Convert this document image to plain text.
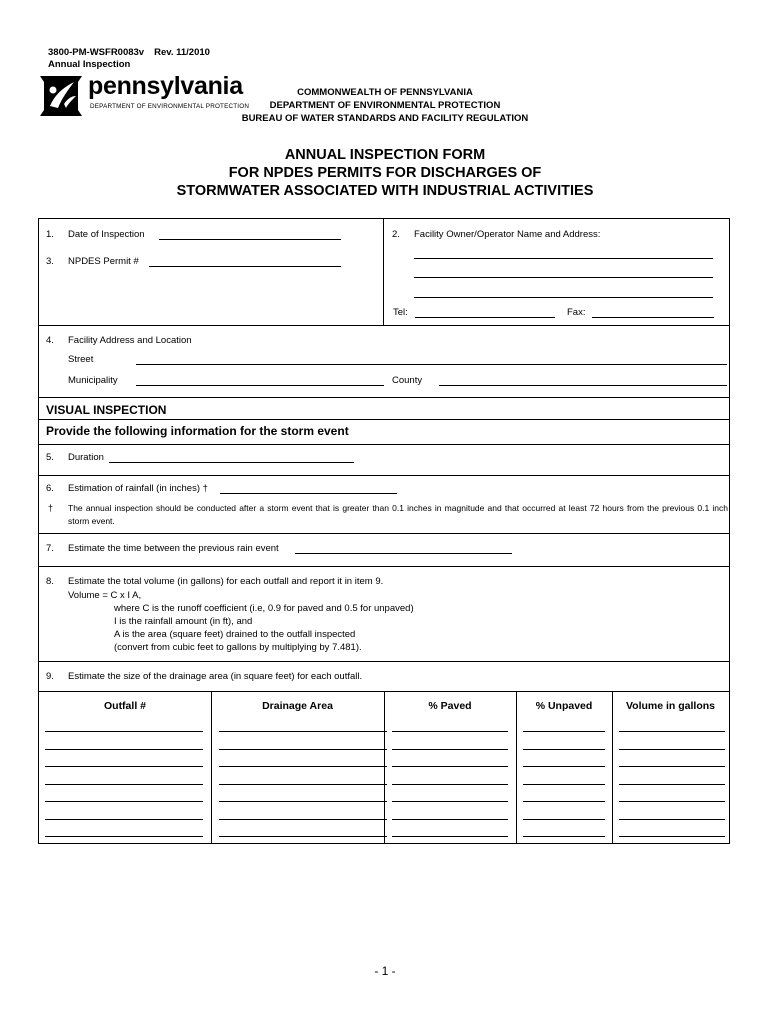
3800-PM-WSFR0083v Rev. 11/2010
Annual Inspection
pennsylvania
DEPARTMENT OF ENVIRONMENTAL PROTECTION
COMMONWEALTH OF PENNSYLVANIA
DEPARTMENT OF ENVIRONMENTAL PROTECTION
BUREAU OF WATER STANDARDS AND FACILITY REGULATION
ANNUAL INSPECTION FORM
FOR NPDES PERMITS FOR DISCHARGES OF
STORMWATER ASSOCIATED WITH INDUSTRIAL ACTIVITIES
1. Date of Inspection	2. Facility Owner/Operator Name and Address:
3. NPDES Permit #
Tel:	Fax:
4. Facility Address and Location
Street
Municipality	County
VISUAL INSPECTION
Provide the following information for the storm event
5. Duration
6. Estimation of rainfall (in inches) †
† The annual inspection should be conducted after a storm event that is greater than 0.1 inches in magnitude and that occurred at least 72 hours from the previous 0.1 inch storm event.
7. Estimate the time between the previous rain event
8. Estimate the total volume (in gallons) for each outfall and report it in item 9.
Volume = C x I A,
where C is the runoff coefficient (i.e, 0.9 for paved and 0.5 for unpaved)
I is the rainfall amount (in ft), and
A is the area (square feet) drained to the outfall inspected
(convert from cubic feet to gallons by multiplying by 7.481).
9. Estimate the size of the drainage area (in square feet) for each outfall.
Outfall #	Drainage Area	% Paved	% Unpaved	Volume in gallons
- 1 -
